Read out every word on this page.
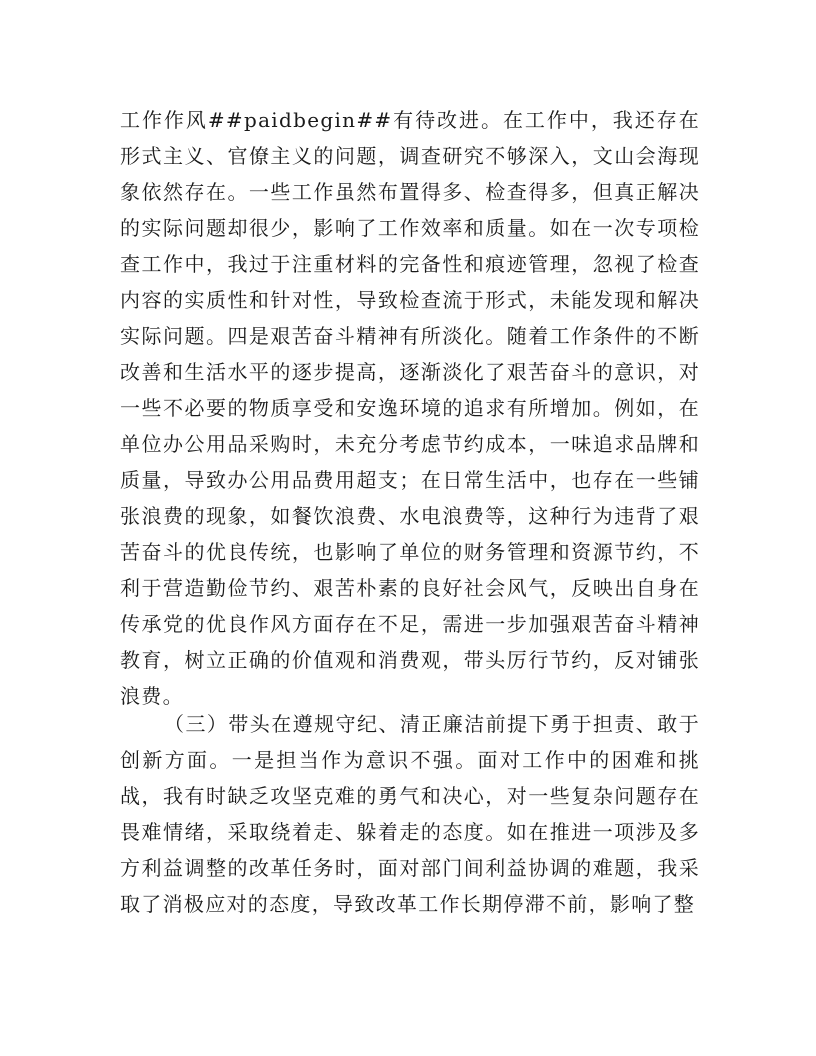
工作作风##paidbegin##有待改进。在工作中，我还存在形式主义、官僚主义的问题，调查研究不够深入，文山会海现象依然存在。一些工作虽然布置得多、检查得多，但真正解决的实际问题却很少，影响了工作效率和质量。如在一次专项检查工作中，我过于注重材料的完备性和痕迹管理，忽视了检查内容的实质性和针对性，导致检查流于形式，未能发现和解决实际问题。四是艰苦奋斗精神有所淡化。随着工作条件的不断改善和生活水平的逐步提高，逐渐淡化了艰苦奋斗的意识，对一些不必要的物质享受和安逸环境的追求有所增加。例如，在单位办公用品采购时，未充分考虑节约成本，一味追求品牌和质量，导致办公用品费用超支；在日常生活中，也存在一些铺张浪费的现象，如餐饮浪费、水电浪费等，这种行为违背了艰苦奋斗的优良传统，也影响了单位的财务管理和资源节约，不利于营造勤俭节约、艰苦朴素的良好社会风气，反映出自身在传承党的优良作风方面存在不足，需进一步加强艰苦奋斗精神教育，树立正确的价值观和消费观，带头厉行节约，反对铺张浪费。

（三）带头在遵规守纪、清正廉洁前提下勇于担责、敢于创新方面。一是担当作为意识不强。面对工作中的困难和挑战，我有时缺乏攻坚克难的勇气和决心，对一些复杂问题存在畏难情绪，采取绕着走、躲着走的态度。如在推进一项涉及多方利益调整的改革任务时，面对部门间利益协调的难题，我采取了消极应对的态度，导致改革工作长期停滞不前，影响了整
